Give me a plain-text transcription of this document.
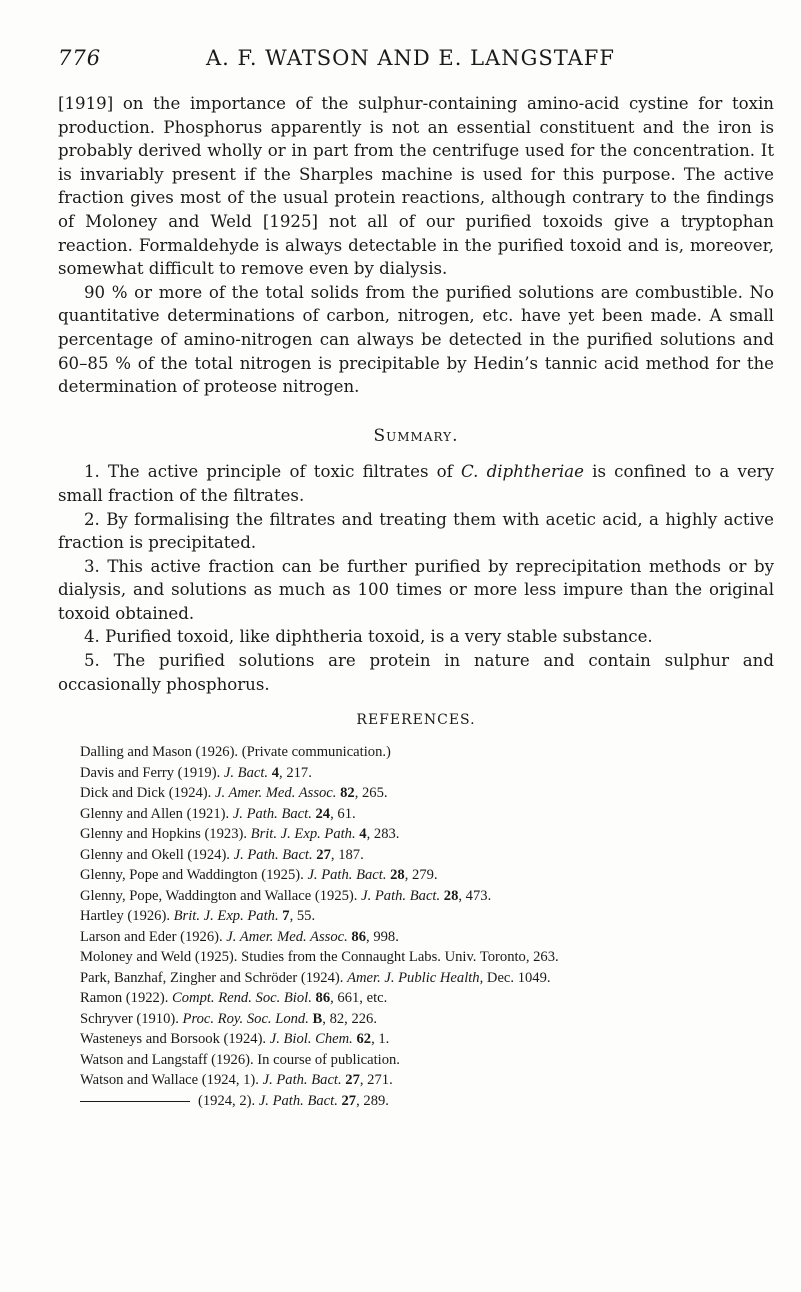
776	A. F. WATSON AND E. LANGSTAFF

[1919] on the importance of the sulphur-containing amino-acid cystine for toxin production. Phosphorus apparently is not an essential constituent and the iron is probably derived wholly or in part from the centrifuge used for the concentration. It is invariably present if the Sharples machine is used for this purpose. The active fraction gives most of the usual protein reactions, although contrary to the findings of Moloney and Weld [1925] not all of our purified toxoids give a tryptophan reaction. Formaldehyde is always detectable in the purified toxoid and is, moreover, somewhat difficult to remove even by dialysis.

90 % or more of the total solids from the purified solutions are combustible. No quantitative determinations of carbon, nitrogen, etc. have yet been made. A small percentage of amino-nitrogen can always be detected in the purified solutions and 60–85 % of the total nitrogen is precipitable by Hedin’s tannic acid method for the determination of proteose nitrogen.

Summary.

1. The active principle of toxic filtrates of C. diphtheriae is confined to a very small fraction of the filtrates.

2. By formalising the filtrates and treating them with acetic acid, a highly active fraction is precipitated.

3. This active fraction can be further purified by reprecipitation methods or by dialysis, and solutions as much as 100 times or more less impure than the original toxoid obtained.

4. Purified toxoid, like diphtheria toxoid, is a very stable substance.

5. The purified solutions are protein in nature and contain sulphur and occasionally phosphorus.

REFERENCES.
Dalling and Mason (1926). (Private communication.)
Davis and Ferry (1919). J. Bact. 4, 217.
Dick and Dick (1924). J. Amer. Med. Assoc. 82, 265.
Glenny and Allen (1921). J. Path. Bact. 24, 61.
Glenny and Hopkins (1923). Brit. J. Exp. Path. 4, 283.
Glenny and Okell (1924). J. Path. Bact. 27, 187.
Glenny, Pope and Waddington (1925). J. Path. Bact. 28, 279.
Glenny, Pope, Waddington and Wallace (1925). J. Path. Bact. 28, 473.
Hartley (1926). Brit. J. Exp. Path. 7, 55.
Larson and Eder (1926). J. Amer. Med. Assoc. 86, 998.
Moloney and Weld (1925). Studies from the Connaught Labs. Univ. Toronto, 263.
Park, Banzhaf, Zingher and Schröder (1924). Amer. J. Public Health, Dec. 1049.
Ramon (1922). Compt. Rend. Soc. Biol. 86, 661, etc.
Schryver (1910). Proc. Roy. Soc. Lond. B, 82, 226.
Wasteneys and Borsook (1924). J. Biol. Chem. 62, 1.
Watson and Langstaff (1926). In course of publication.
Watson and Wallace (1924, 1). J. Path. Bact. 27, 271.
(1924, 2). J. Path. Bact. 27, 289.
